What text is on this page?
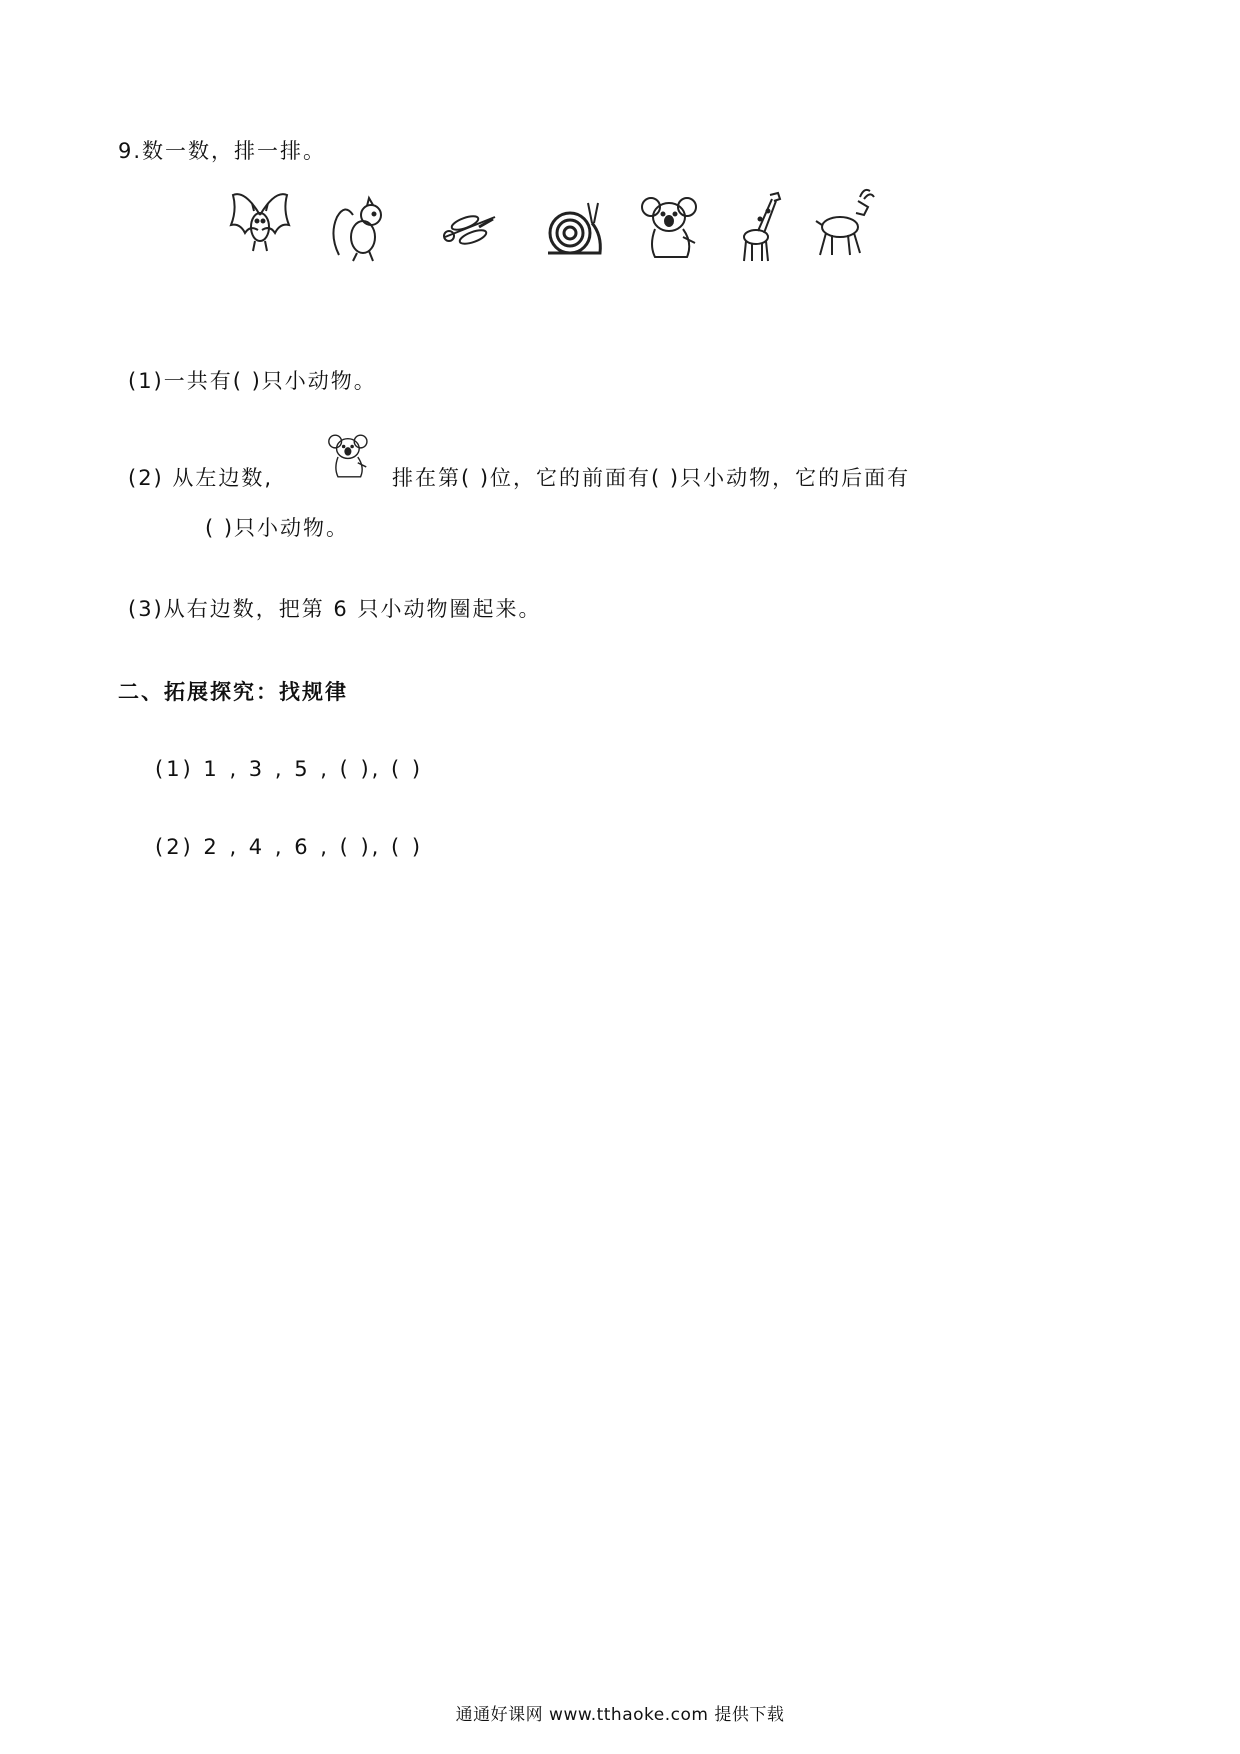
9.数一数，排一排。
(1)一共有( )只小动物。
(2) 从左边数,	排在第( )位，它的前面有( )只小动物，它的后面有
( )只小动物。
(3)从右边数，把第 6 只小动物圈起来。
二、拓展探究：找规律
(1) 1 , 3 , 5 , ( ), ( )
(2) 2 , 4 , 6 , ( ), ( )
通通好课网 www.tthaoke.com 提供下载
